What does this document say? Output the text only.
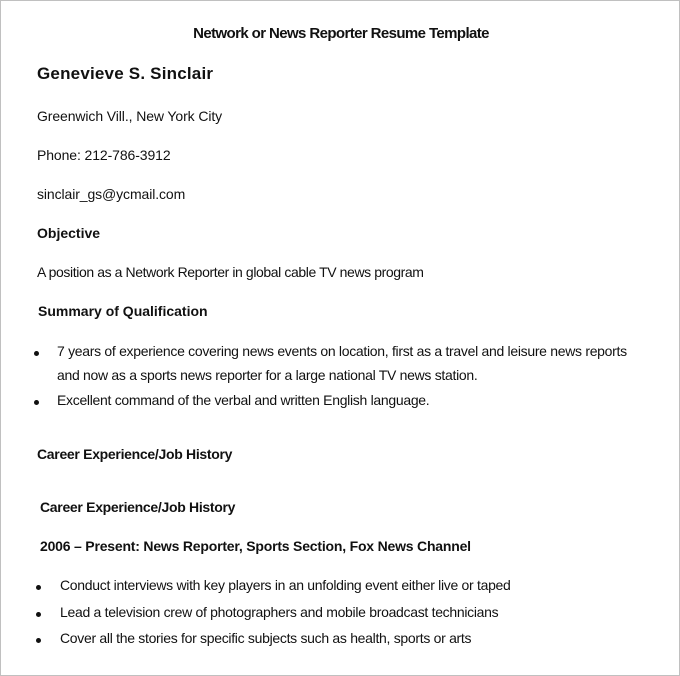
Network or News Reporter Resume Template
Genevieve S. Sinclair
Greenwich Vill., New York City
Phone: 212-786-3912
sinclair_gs@ycmail.com
Objective
A position as a Network Reporter in global cable TV news program
Summary of Qualification
7 years of experience covering news events on location, first as a travel and leisure news reports
and now as a sports news reporter for a large national TV news station.
Excellent command of the verbal and written English language.
Career Experience/Job History
Career Experience/Job History
2006 – Present: News Reporter, Sports Section, Fox News Channel
Conduct interviews with key players in an unfolding event either live or taped
Lead a television crew of photographers and mobile broadcast technicians
Cover all the stories for specific subjects such as health, sports or arts
